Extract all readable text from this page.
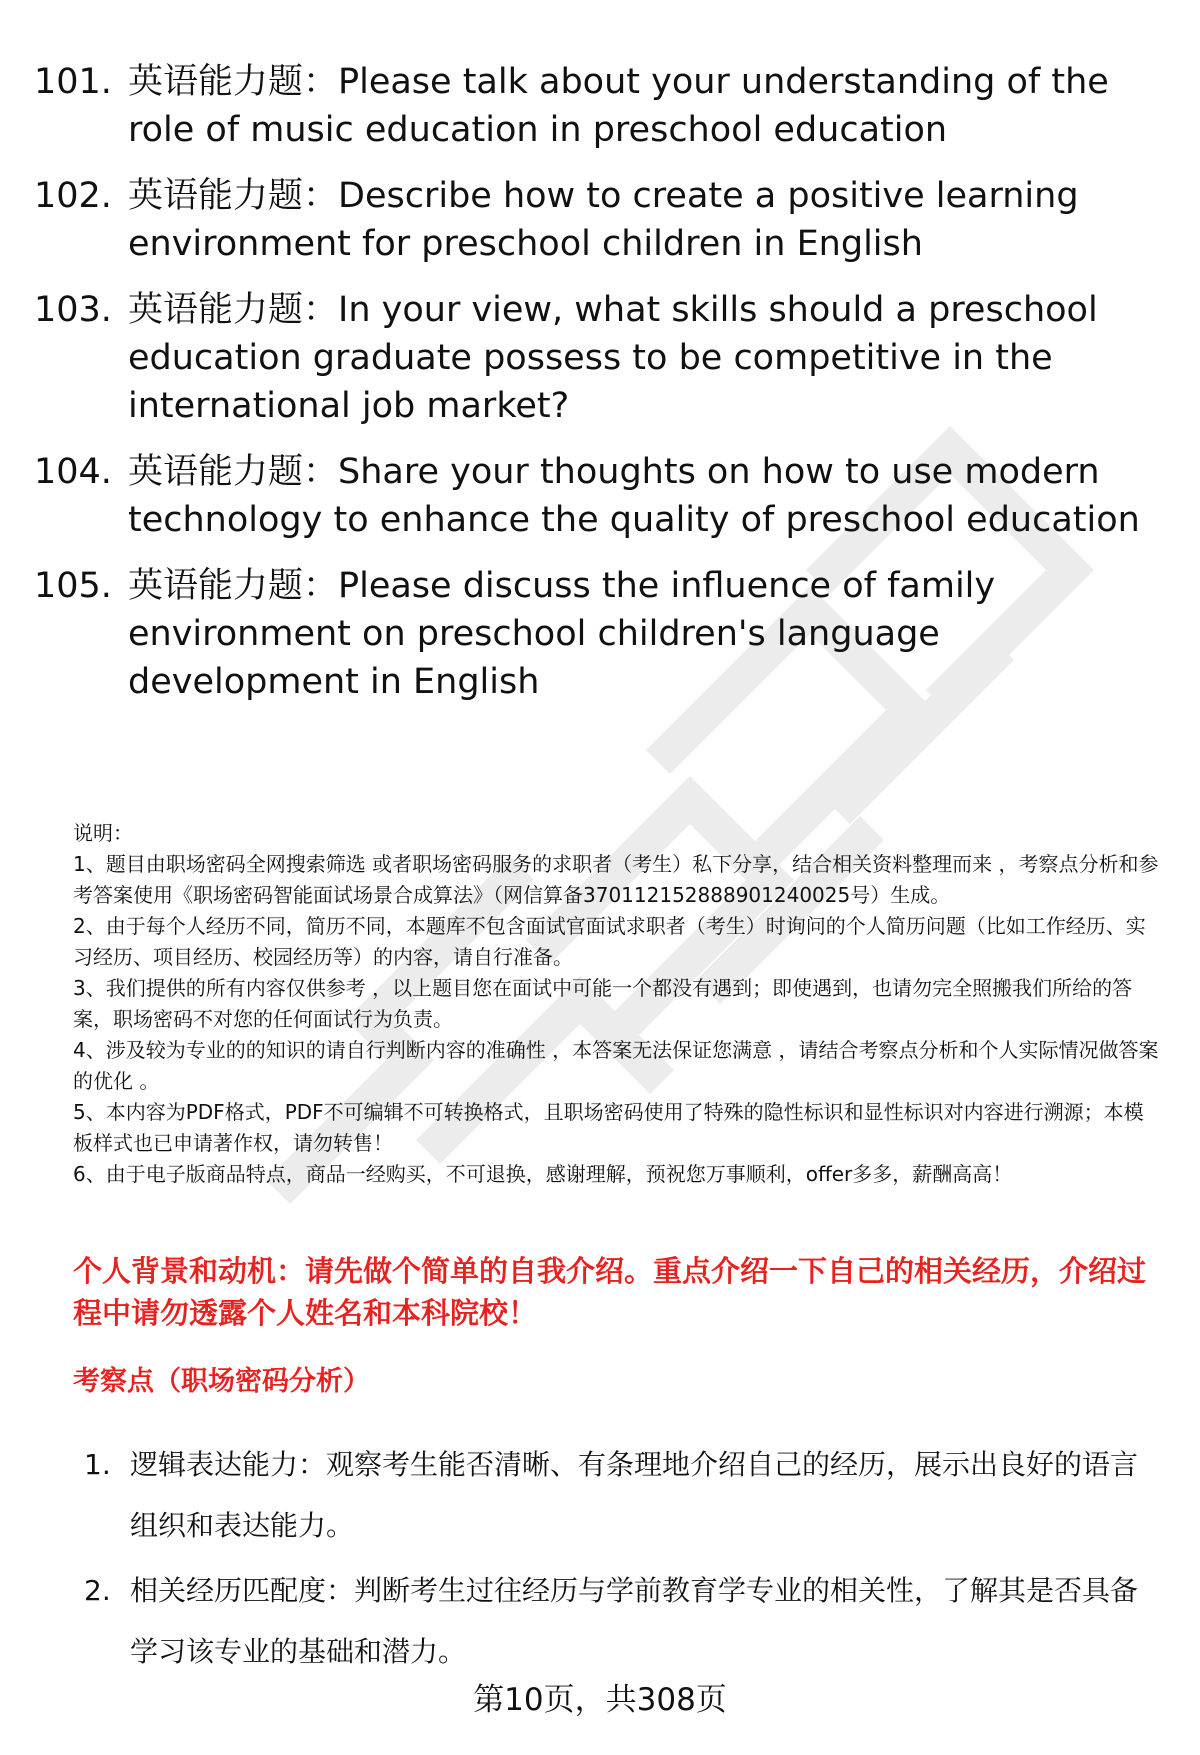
101. 英语能力题：Please talk about your understanding of the role of music education in preschool education
102. 英语能力题：Describe how to create a positive learning environment for preschool children in English
103. 英语能力题：In your view, what skills should a preschool education graduate possess to be competitive in the international job market?
104. 英语能力题：Share your thoughts on how to use modern technology to enhance the quality of preschool education
105. 英语能力题：Please discuss the influence of family environment on preschool children's language development in English

说明：

1、题目由职场密码全网搜索筛选 或者职场密码服务的求职者（考生）私下分享，结合相关资料整理而来 ，考察点分析和参考答案使用《职场密码智能面试场景合成算法》（网信算备370112152888901240025号）生成。

2、由于每个人经历不同，简历不同，本题库不包含面试官面试求职者（考生）时询问的个人简历问题（比如工作经历、实习经历、项目经历、校园经历等）的内容，请自行准备。

3、我们提供的所有内容仅供参考 ，以上题目您在面试中可能一个都没有遇到；即使遇到，也请勿完全照搬我们所给的答案，职场密码不对您的任何面试行为负责。

4、涉及较为专业的的知识的请自行判断内容的准确性 ，本答案无法保证您满意 ，请结合考察点分析和个人实际情况做答案的优化 。

5、本内容为PDF格式，PDF不可编辑不可转换格式，且职场密码使用了特殊的隐性标识和显性标识对内容进行溯源；本模板样式也已申请著作权，请勿转售！

6、由于电子版商品特点，商品一经购买，不可退换，感谢理解，预祝您万事顺利，offer多多，薪酬高高！

个人背景和动机：请先做个简单的自我介绍。重点介绍一下自己的相关经历，介绍过程中请勿透露个人姓名和本科院校！

考察点（职场密码分析）

1. 逻辑表达能力：观察考生能否清晰、有条理地介绍自己的经历，展示出良好的语言组织和表达能力。
2. 相关经历匹配度：判断考生过往经历与学前教育学专业的相关性，了解其是否具备学习该专业的基础和潜力。
第10页，共308页
